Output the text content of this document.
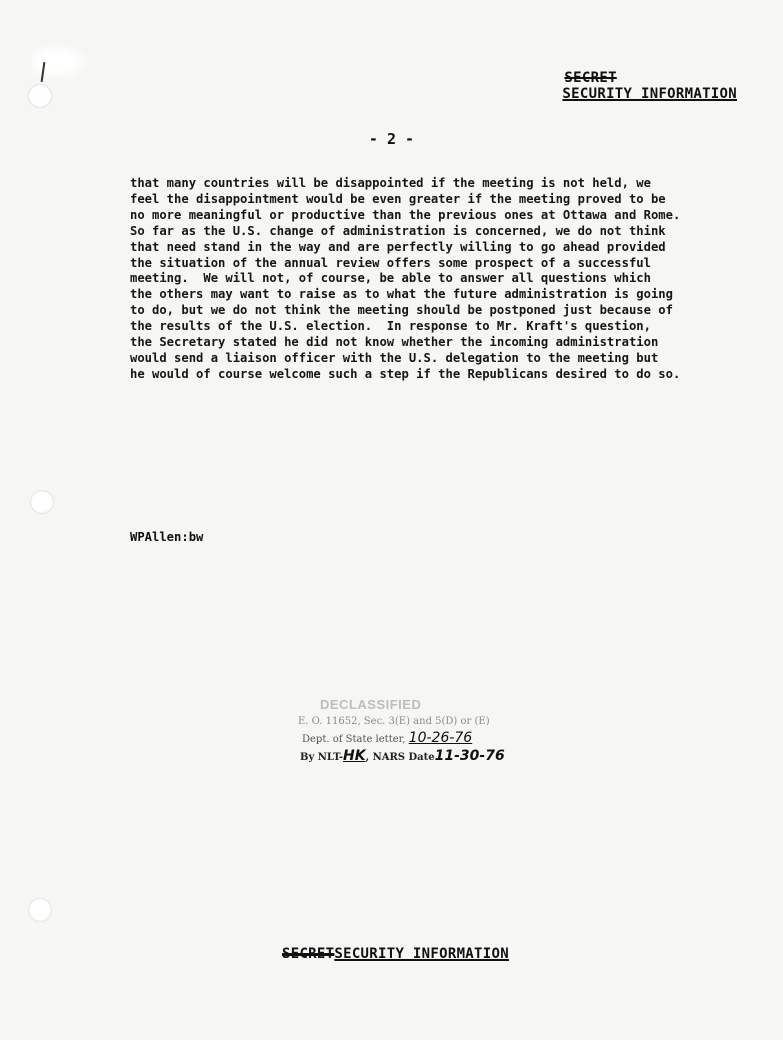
SECRET
SECURITY INFORMATION
- 2 -
that many countries will be disappointed if the meeting is not held, we
feel the disappointment would be even greater if the meeting proved to be
no more meaningful or productive than the previous ones at Ottawa and Rome.
So far as the U.S. change of administration is concerned, we do not think
that need stand in the way and are perfectly willing to go ahead provided
the situation of the annual review offers some prospect of a successful
meeting.  We will not, of course, be able to answer all questions which
the others may want to raise as to what the future administration is going
to do, but we do not think the meeting should be postponed just because of
the results of the U.S. election.  In response to Mr. Kraft's question,
the Secretary stated he did not know whether the incoming administration
would send a liaison officer with the U.S. delegation to the meeting but
he would of course welcome such a step if the Republicans desired to do so.
WPAllen:bw
DECLASSIFIED
E. O. 11652, Sec. 3(E) and 5(D) or (E)
Dept. of State letter, 10-26-76
By NLT-HK, NARS Date11-30-76
SECRETSECURITY INFORMATION
